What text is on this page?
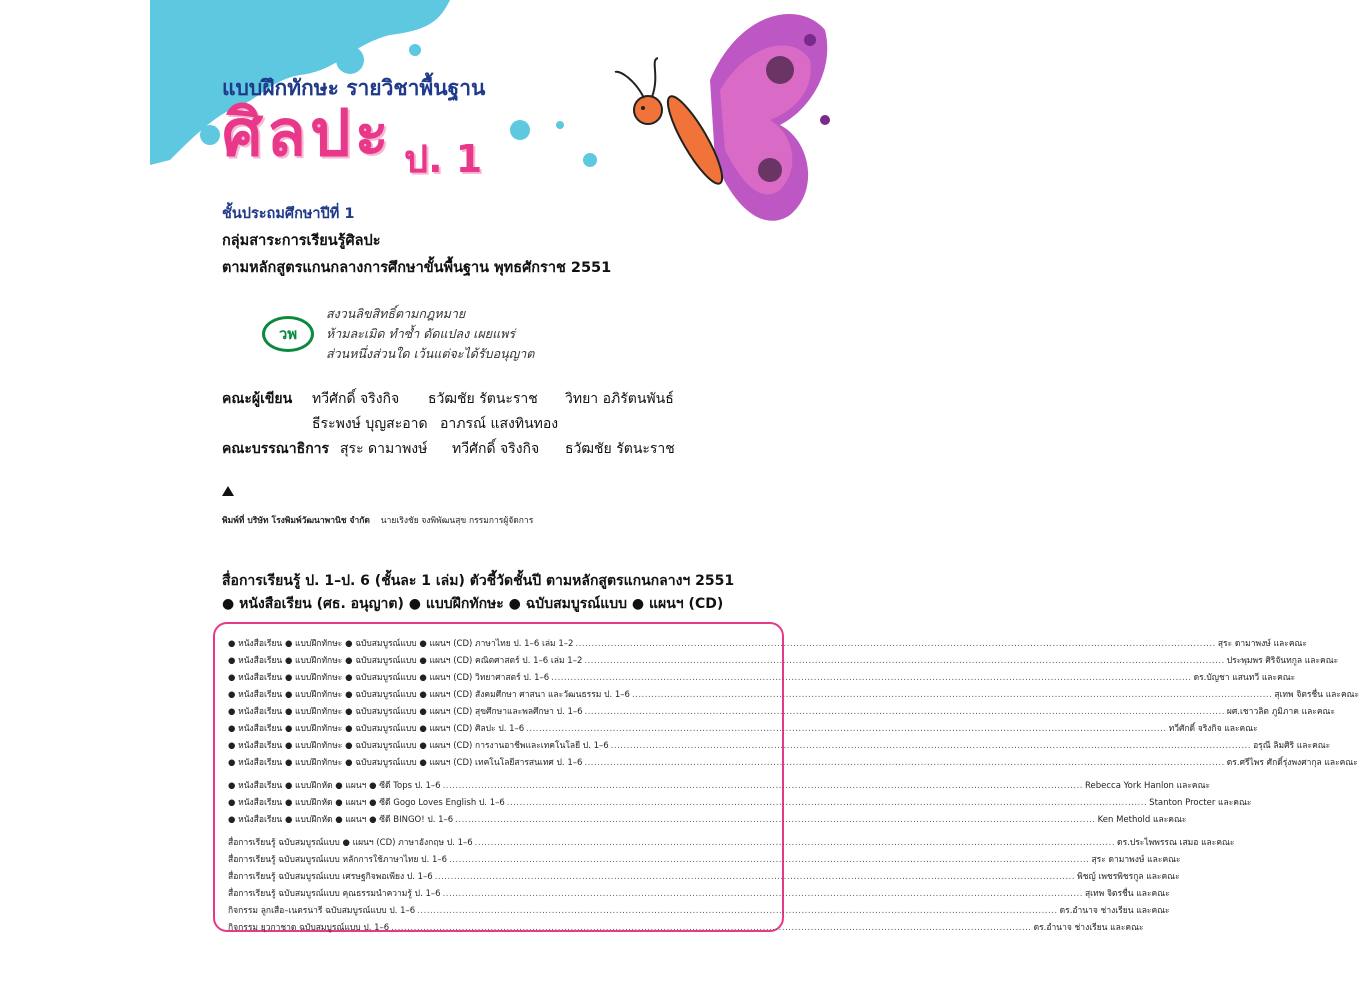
แบบฝึกทักษะ รายวิชาพื้นฐาน
ศิลปะ ป. 1
ชั้นประถมศึกษาปีที่ 1
กลุ่มสาระการเรียนรู้ศิลปะ
ตามหลักสูตรแกนกลางการศึกษาขั้นพื้นฐาน พุทธศักราช 2551
วพ
สงวนลิขสิทธิ์ตามกฎหมาย
ห้ามละเมิด ทำซ้ำ ดัดแปลง เผยแพร่
ส่วนหนึ่งส่วนใด เว้นแต่จะได้รับอนุญาต
คณะผู้เขียน ทวีศักดิ์ จริงกิจ ธวัฒชัย รัตนะราช วิทยา อภิรัตนพันธ์
ธีระพงษ์ บุญสะอาด อาภรณ์ แสงทินทอง
คณะบรรณาธิการ สุระ ดามาพงษ์ ทวีศักดิ์ จริงกิจ ธวัฒชัย รัตนะราช
พิมพ์ที่ บริษัท โรงพิมพ์วัฒนาพานิช จำกัด นายเริงชัย จงพิพัฒนสุข กรรมการผู้จัดการ
สื่อการเรียนรู้ ป. 1–ป. 6 (ชั้นละ 1 เล่ม) ตัวชี้วัดชั้นปี ตามหลักสูตรแกนกลางฯ 2551
● หนังสือเรียน (ศธ. อนุญาต) ● แบบฝึกทักษะ ● ฉบับสมบูรณ์แบบ ● แผนฯ (CD)
● หนังสือเรียน ● แบบฝึกทักษะ ● ฉบับสมบูรณ์แบบ ● แผนฯ (CD) ภาษาไทย ป. 1–6 เล่ม 1–2 ........................................................................................................................................................................................................ สุระ ดามาพงษ์ และคณะ
● หนังสือเรียน ● แบบฝึกทักษะ ● ฉบับสมบูรณ์แบบ ● แผนฯ (CD) คณิตศาสตร์ ป. 1–6 เล่ม 1–2 ........................................................................................................................................................................................................ ประพุมพร ศิริจันทกูล และคณะ
● หนังสือเรียน ● แบบฝึกทักษะ ● ฉบับสมบูรณ์แบบ ● แผนฯ (CD) วิทยาศาสตร์ ป. 1–6 ........................................................................................................................................................................................................ ดร.บัญชา แสนทวี และคณะ
● หนังสือเรียน ● แบบฝึกทักษะ ● ฉบับสมบูรณ์แบบ ● แผนฯ (CD) สังคมศึกษา ศาสนา และวัฒนธรรม ป. 1–6 ........................................................................................................................................................................................................ สุเทพ จิตรชื่น และคณะ
● หนังสือเรียน ● แบบฝึกทักษะ ● ฉบับสมบูรณ์แบบ ● แผนฯ (CD) สุขศึกษาและพลศึกษา ป. 1–6 ........................................................................................................................................................................................................ ผศ.เชาวลิต ภูมิภาค และคณะ
● หนังสือเรียน ● แบบฝึกทักษะ ● ฉบับสมบูรณ์แบบ ● แผนฯ (CD) ศิลปะ ป. 1–6 ........................................................................................................................................................................................................ ทวีศักดิ์ จริงกิจ และคณะ
● หนังสือเรียน ● แบบฝึกทักษะ ● ฉบับสมบูรณ์แบบ ● แผนฯ (CD) การงานอาชีพและเทคโนโลยี ป. 1–6 ........................................................................................................................................................................................................ อรุณี ลิมศิริ และคณะ
● หนังสือเรียน ● แบบฝึกทักษะ ● ฉบับสมบูรณ์แบบ ● แผนฯ (CD) เทคโนโลยีสารสนเทศ ป. 1–6 ........................................................................................................................................................................................................ ดร.ศรีไพร ศักดิ์รุ่งพงศากุล และคณะ
● หนังสือเรียน ● แบบฝึกหัด ● แผนฯ ● ซีดี Tops ป. 1–6 ........................................................................................................................................................................................................ Rebecca York Hanlon และคณะ
● หนังสือเรียน ● แบบฝึกหัด ● แผนฯ ● ซีดี Gogo Loves English ป. 1–6 ........................................................................................................................................................................................................ Stanton Procter และคณะ
● หนังสือเรียน ● แบบฝึกหัด ● แผนฯ ● ซีดี BINGO! ป. 1–6 ........................................................................................................................................................................................................ Ken Methold และคณะ
สื่อการเรียนรู้ ฉบับสมบูรณ์แบบ ● แผนฯ (CD) ภาษาอังกฤษ ป. 1–6 ........................................................................................................................................................................................................ ดร.ประไพพรรณ เสมอ และคณะ
สื่อการเรียนรู้ ฉบับสมบูรณ์แบบ หลักการใช้ภาษาไทย ป. 1–6 ........................................................................................................................................................................................................ สุระ ดามาพงษ์ และคณะ
สื่อการเรียนรู้ ฉบับสมบูรณ์แบบ เศรษฐกิจพอเพียง ป. 1–6 ........................................................................................................................................................................................................ พิชญ์ เพชรพิชรกูล และคณะ
สื่อการเรียนรู้ ฉบับสมบูรณ์แบบ คุณธรรมนำความรู้ ป. 1–6 ........................................................................................................................................................................................................ สุเทพ จิตรชื่น และคณะ
กิจกรรม ลูกเสือ–เนตรนารี ฉบับสมบูรณ์แบบ ป. 1–6 ........................................................................................................................................................................................................ ดร.อำนาจ ช่างเรียน และคณะ
กิจกรรม ยุวกาชาด ฉบับสมบูรณ์แบบ ป. 1–6 ........................................................................................................................................................................................................ ดร.อำนาจ ช่างเรียน และคณะ
